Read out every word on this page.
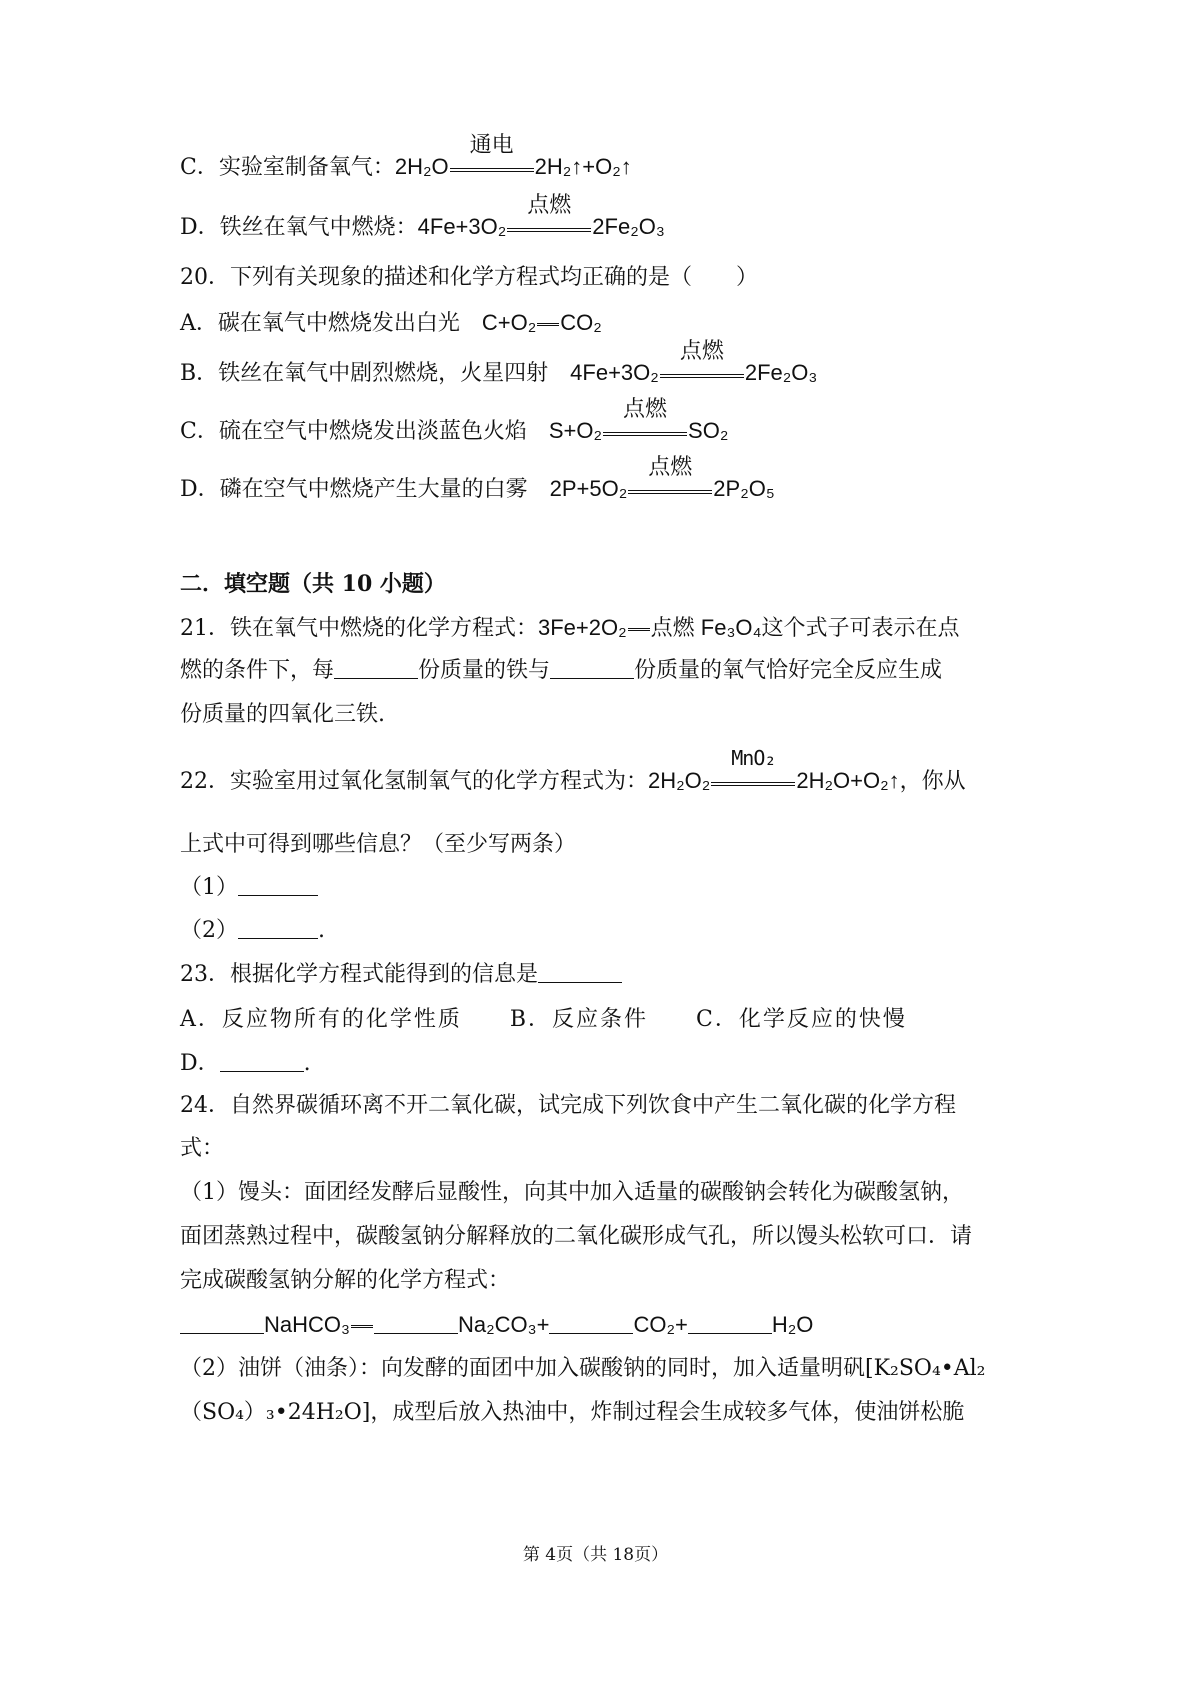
C．实验室制备氧气：2H₂O
通电
2H₂↑+O₂↑
D．铁丝在氧气中燃烧：4Fe+3O₂
点燃
2Fe₂O₃
20．下列有关现象的描述和化学方程式均正确的是（　　）
A．碳在氧气中燃烧发出白光　C+O₂ CO₂
B．铁丝在氧气中剧烈燃烧，火星四射　4Fe+3O₂
点燃
2Fe₂O₃
C．硫在空气中燃烧发出淡蓝色火焰　S+O₂
点燃
SO₂
D．磷在空气中燃烧产生大量的白雾　2P+5O₂
点燃
2P₂O₅
二．填空题（共 10 小题）
21．铁在氧气中燃烧的化学方程式：3Fe+2O₂ 点燃 Fe₃O₄这个式子可表示在点
燃的条件下，每	份质量的铁与	份质量的氧气恰好完全反应生成
份质量的四氧化三铁.
22．实验室用过氧化氢制氧气的化学方程式为：2H₂O₂
MnO₂
2H₂O+O₂↑，你从
上式中可得到哪些信息？（至少写两条）
（1）
（2）	.
23．根据化学方程式能得到的信息是
A．反应物所有的化学性质　　B．反应条件　　C．化学反应的快慢
D．	.
24．自然界碳循环离不开二氧化碳，试完成下列饮食中产生二氧化碳的化学方程
式：
（1）馒头：面团经发酵后显酸性，向其中加入适量的碳酸钠会转化为碳酸氢钠，
面团蒸熟过程中，碳酸氢钠分解释放的二氧化碳形成气孔，所以馒头松软可口．请
完成碳酸氢钠分解的化学方程式：
NaHCO₃	Na₂CO₃+	CO₂+	H₂O
（2）油饼（油条）：向发酵的面团中加入碳酸钠的同时，加入适量明矾[K₂SO₄•Al₂
（SO₄）₃•24H₂O]，成型后放入热油中，炸制过程会生成较多气体，使油饼松脆
第 4页（共 18页）
